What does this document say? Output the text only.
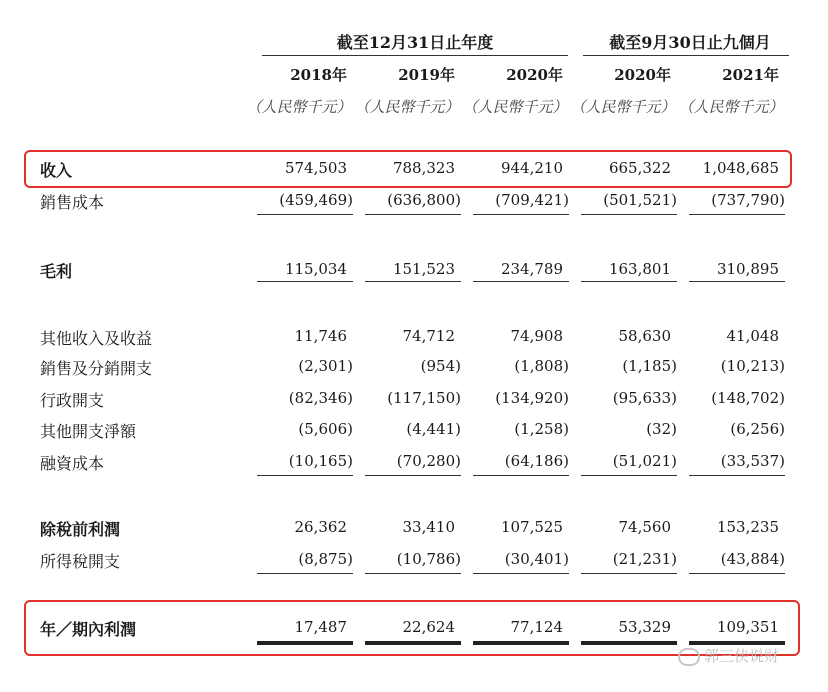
截至12月31日止年度	截至9月30日止九個月
2018年	2019年	2020年	2020年	2021年
（人民幣千元） （人民幣千元） （人民幣千元） （人民幣千元） （人民幣千元）
收入	574,503	788,323	944,210	665,322	1,048,685
銷售成本	(459,469)	(636,800)	(709,421)	(501,521)	(737,790)
毛利	115,034	151,523	234,789	163,801	310,895
其他收入及收益	11,746	74,712	74,908	58,630	41,048
銷售及分銷開支	(2,301)	(954)	(1,808)	(1,185)	(10,213)
行政開支	(82,346)	(117,150)	(134,920)	(95,633)	(148,702)
其他開支淨額	(5,606)	(4,441)	(1,258)	(32)	(6,256)
融資成本	(10,165)	(70,280)	(64,186)	(51,021)	(33,537)
除稅前利潤	26,362	33,410	107,525	74,560	153,235
所得稅開支	(8,875)	(10,786)	(30,401)	(21,231)	(43,884)
年／期內利潤	17,487	22,624	77,124	53,329	109,351
郭三侠说财
